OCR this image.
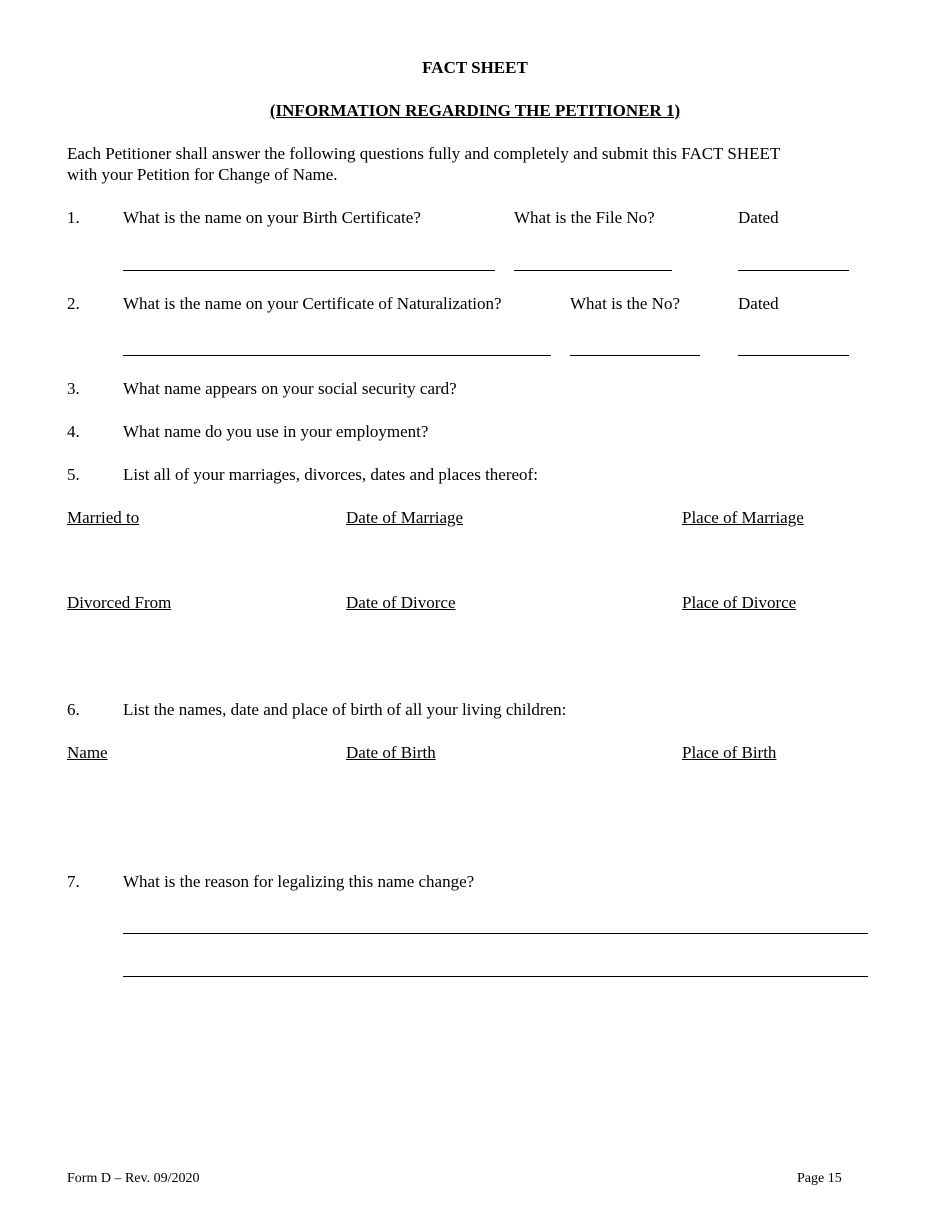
FACT SHEET
(INFORMATION REGARDING THE PETITIONER 1)
Each Petitioner shall answer the following questions fully and completely and submit this FACT SHEET
with your Petition for Change of Name.
1.	What is the name on your Birth Certificate?	What is the File No?	Dated
2.	What is the name on your Certificate of Naturalization?	What is the No?	Dated
3.	What name appears on your social security card?
4.	What name do you use in your employment?
5.	List all of your marriages, divorces, dates and places thereof:
Married to	Date of Marriage	Place of Marriage
Divorced From	Date of Divorce	Place of Divorce
6.	List the names, date and place of birth of all your living children:
Name	Date of Birth	Place of Birth
7.	What is the reason for legalizing this name change?
Form D – Rev. 09/2020	Page 15
